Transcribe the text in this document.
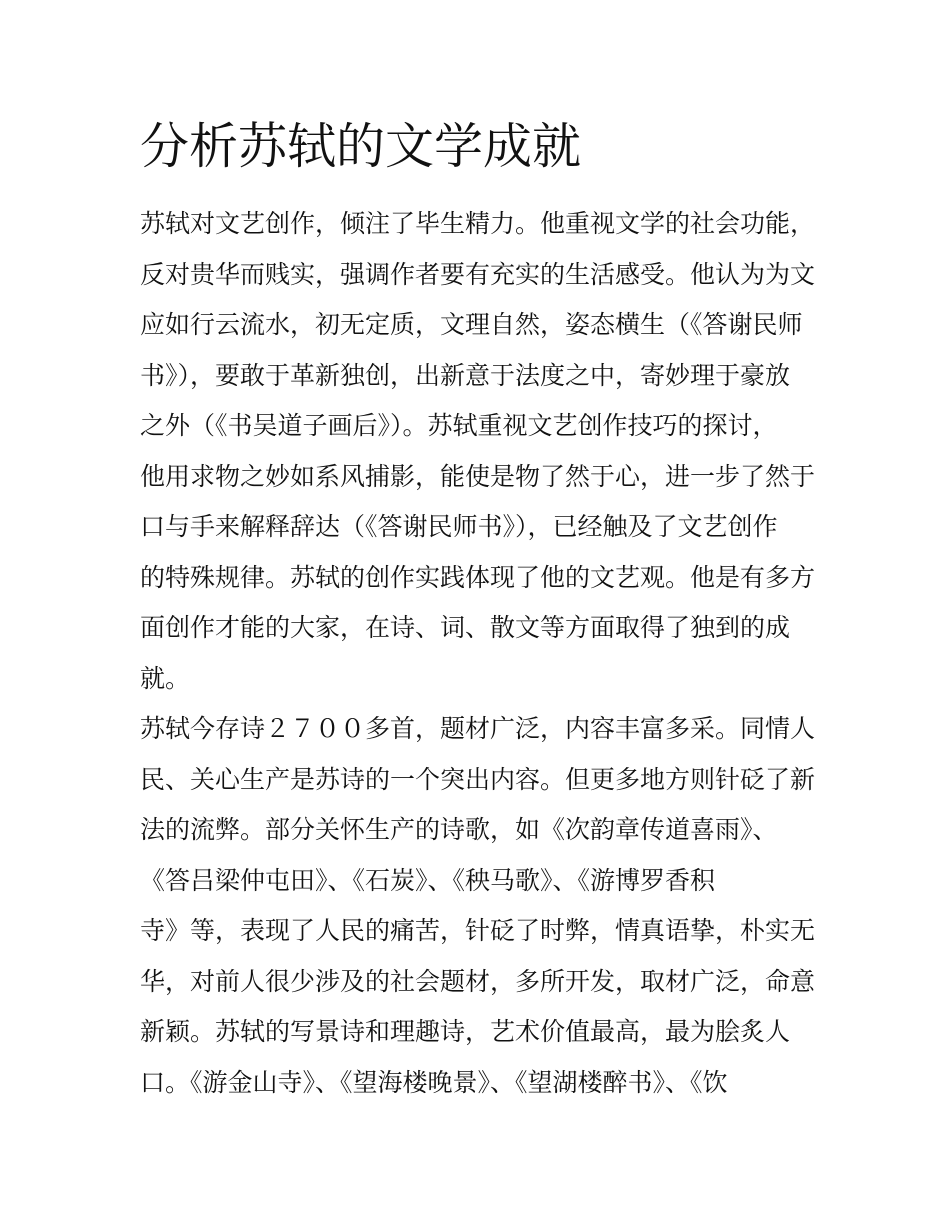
分析苏轼的文学成就
苏轼对文艺创作，倾注了毕生精力。他重视文学的社会功能，
反对贵华而贱实，强调作者要有充实的生活感受。他认为为文
应如行云流水，初无定质，文理自然，姿态横生（《答谢民师
书》），要敢于革新独创，出新意于法度之中，寄妙理于豪放
之外（《书吴道子画后》）。苏轼重视文艺创作技巧的探讨，
他用求物之妙如系风捕影，能使是物了然于心，进一步了然于
口与手来解释辞达（《答谢民师书》），已经触及了文艺创作
的特殊规律。苏轼的创作实践体现了他的文艺观。他是有多方
面创作才能的大家，在诗、词、散文等方面取得了独到的成
就。
苏轼今存诗２７００多首，题材广泛，内容丰富多采。同情人
民、关心生产是苏诗的一个突出内容。但更多地方则针砭了新
法的流弊。部分关怀生产的诗歌，如《次韵章传道喜雨》、
《答吕梁仲屯田》、《石炭》、《秧马歌》、《游博罗香积
寺》等，表现了人民的痛苦，针砭了时弊，情真语挚，朴实无
华，对前人很少涉及的社会题材，多所开发，取材广泛，命意
新颖。苏轼的写景诗和理趣诗，艺术价值最高，最为脍炙人
口。《游金山寺》、《望海楼晚景》、《望湖楼醉书》、《饮
